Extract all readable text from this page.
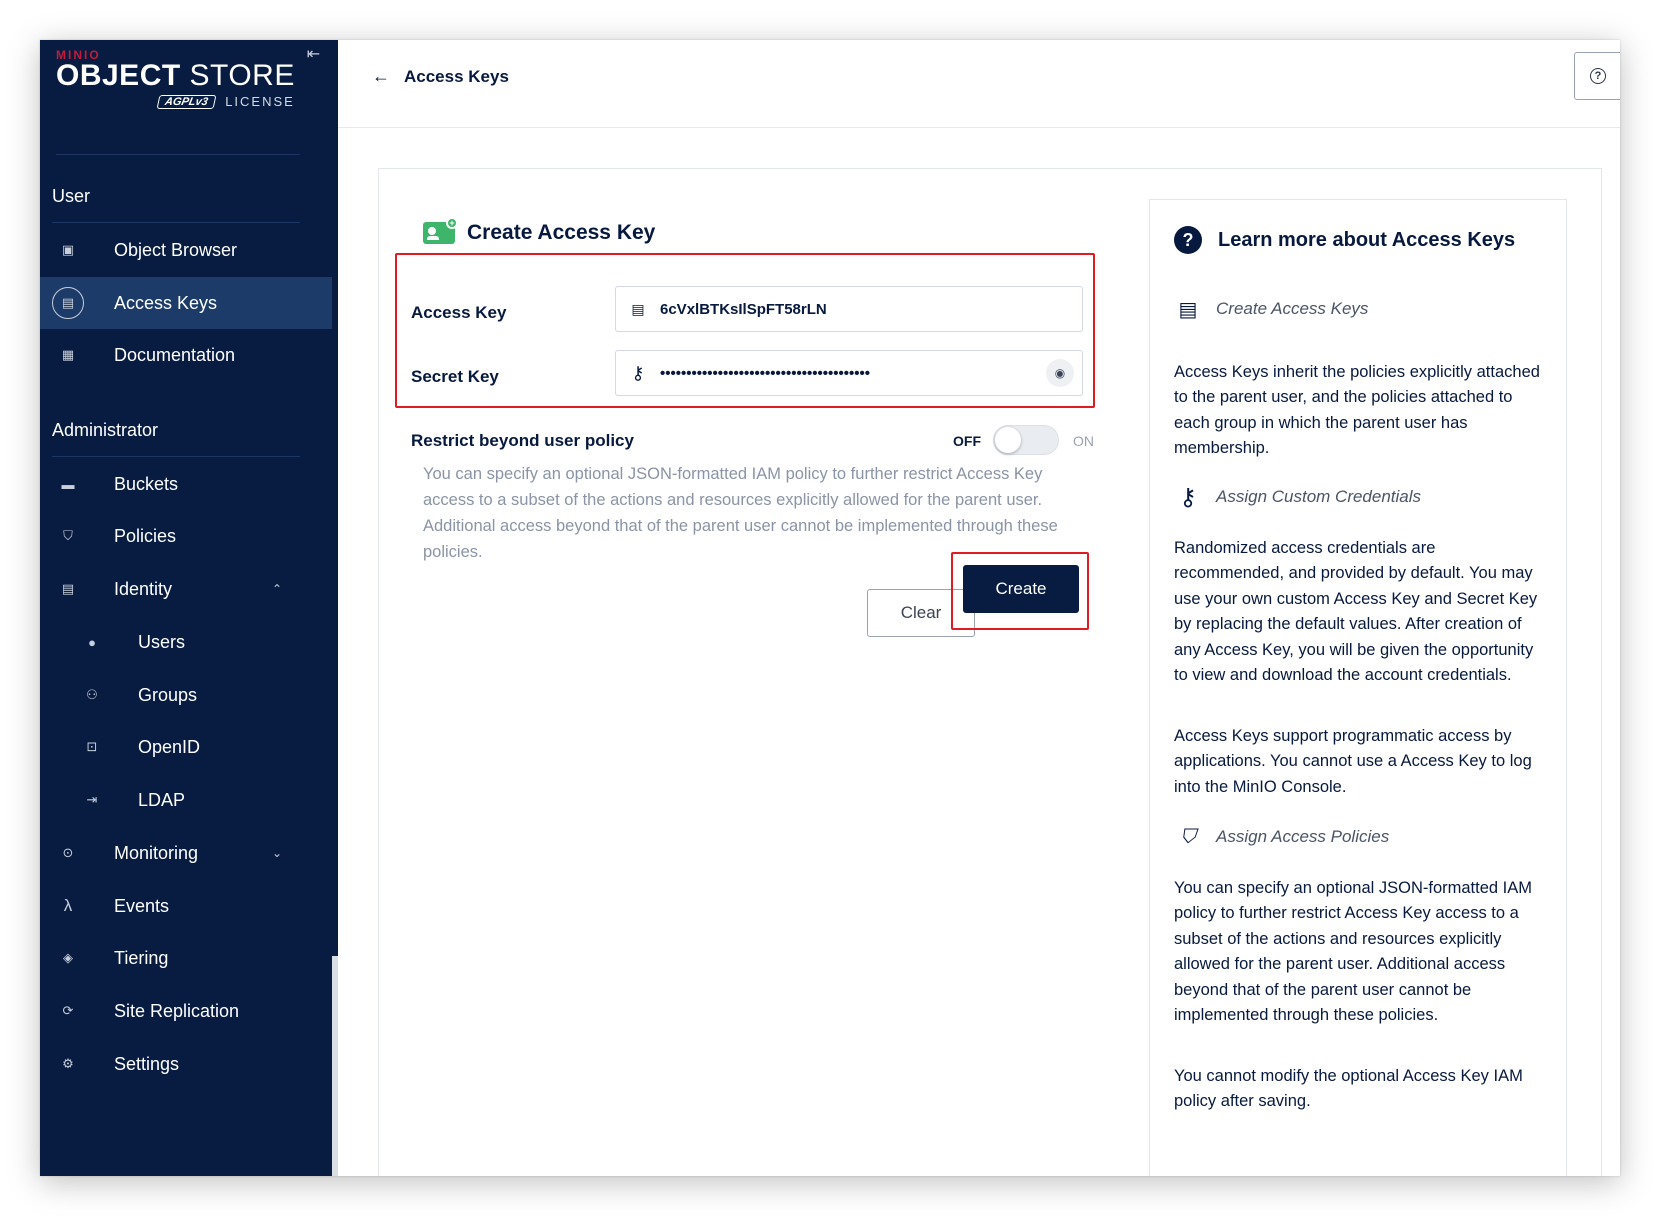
⇤
MINIO
OBJECT STORE
AGPLv3	LICENSE
User
▣ Object Browser
▤	Access Keys
▦ Documentation
Administrator
▬ Buckets
⛉ Policies
▤ Identity	⌃
●	Users
⚇ Groups
⊡ OpenID
⇥ LDAP
⊙ Monitoring	⌄
λ	Events
◈ Tiering
⟳ Site Replication
⚙ Settings
← Access Keys	?
+ Create Access Key
Access Key	▤
6cVxlBTKsIlSpFT58rLN
Secret Key	⚷	◉
Restrict beyond user policy	OFF	ON
You can specify an optional JSON-formatted IAM policy to further restrict Access Key access to a subset of the actions and resources explicitly allowed for the parent user. Additional access beyond that of the parent user cannot be implemented through these policies.
Clear
Create
?	Learn more about Access Keys
▤ Create Access Keys
Access Keys inherit the policies explicitly attached to the parent user, and the policies attached to each group in which the parent user has membership.
⚷	Assign Custom Credentials
Randomized access credentials are recommended, and provided by default. You may use your own custom Access Key and Secret Key by replacing the default values. After creation of any Access Key, you will be given the opportunity to view and download the account credentials.
Access Keys support programmatic access by applications. You cannot use a Access Key to log into the MinIO Console.
⛉	Assign Access Policies
You can specify an optional JSON-formatted IAM policy to further restrict Access Key access to a subset of the actions and resources explicitly allowed for the parent user. Additional access beyond that of the parent user cannot be implemented through these policies.
You cannot modify the optional Access Key IAM policy after saving.
